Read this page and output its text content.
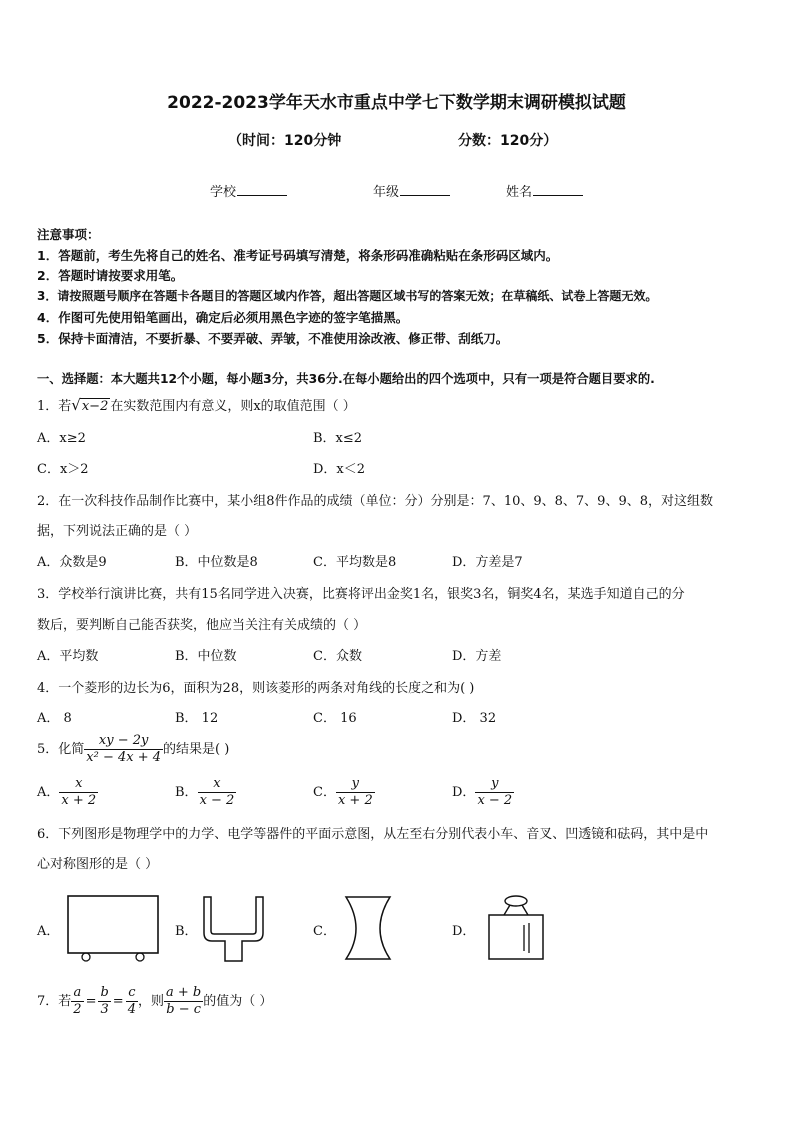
2022-2023学年天水市重点中学七下数学期末调研模拟试题
（时间：120分钟	分数：120分）
学校	年级	姓名
注意事项：
1．答题前，考生先将自己的姓名、准考证号码填写清楚，将条形码准确粘贴在条形码区域内。
2．答题时请按要求用笔。
3．请按照题号顺序在答题卡各题目的答题区域内作答，超出答题区域书写的答案无效；在草稿纸、试卷上答题无效。
4．作图可先使用铅笔画出，确定后必须用黑色字迹的签字笔描黑。
5．保持卡面清洁，不要折暴、不要弄破、弄皱，不准使用涂改液、修正带、刮纸刀。
一、选择题：本大题共12个小题，每小题3分，共36分.在每小题给出的四个选项中，只有一项是符合题目要求的.
1．若√x−2 在实数范围内有意义，则x的取值范围（ ）
A．x≥2	B．x≤2
C．x＞2	D．x＜2
2．在一次科技作品制作比赛中，某小组8件作品的成绩（单位：分）分别是：7、10、9、8、7、9、9、8，对这组数
据，下列说法正确的是（ ）
A．众数是9	B．中位数是8	C．平均数是8	D．方差是7
3．学校举行演讲比赛，共有15名同学进入决赛，比赛将评出金奖1名，银奖3名，铜奖4名，某选手知道自己的分
数后，要判断自己能否获奖，他应当关注有关成绩的（ ）
A．平均数	B．中位数	C．众数	D．方差
4．一个菱形的边长为6，面积为28，则该菱形的两条对角线的长度之和为( )
A． 8	B． 12	C． 16	D． 32
5．化简 $\frac{xy - 2y}{\text{x² − 4x + 4}}$ 的结果是( )
A． $\frac{x}{x + 2}$	B． $\frac{x}{x - 2}$	C． $\frac{y}{x + 2}$	D． $\frac{y}{x - 2}$
6．下列图形是物理学中的力学、电学等器件的平面示意图，从左至右分别代表小车、音叉、凹透镜和砝码，其中是中
心对称图形的是（ ）
A．	B．	C．	D．
7．若 $\frac{a}{2} = \frac{b}{3} = \frac{c}{4}$ ，则 $\frac{a + b}{b - c}$ 的值为（ ）
